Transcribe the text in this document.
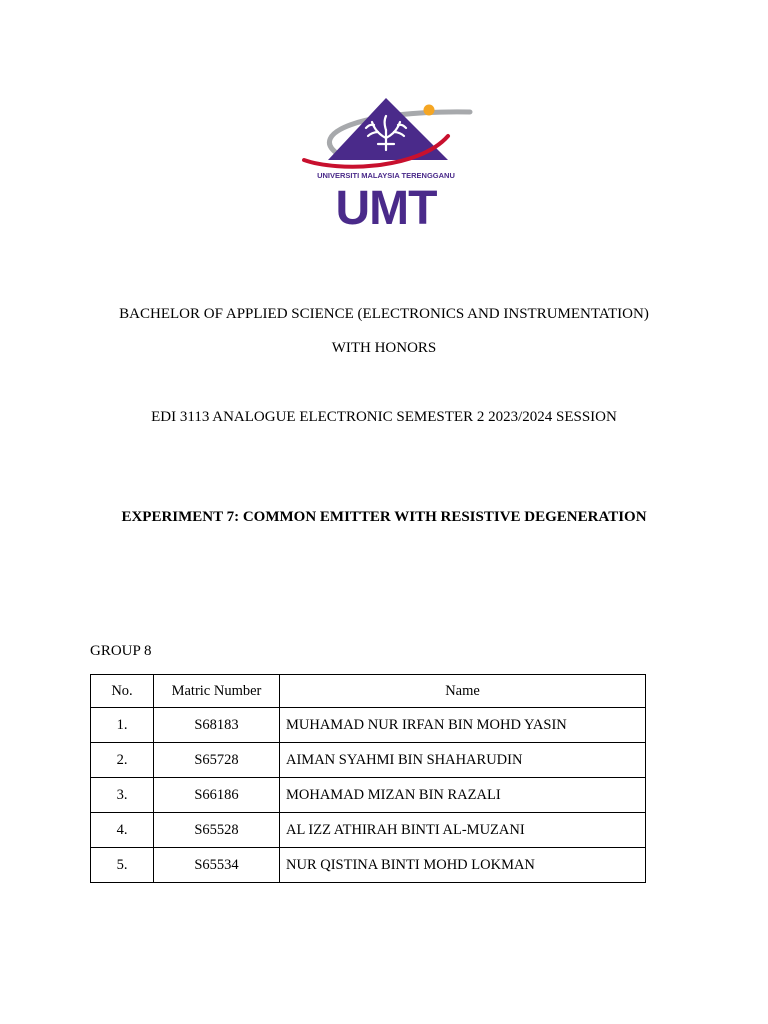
UNIVERSITI MALAYSIA TERENGGANU
UMT
BACHELOR OF APPLIED SCIENCE (ELECTRONICS AND INSTRUMENTATION)
WITH HONORS
EDI 3113 ANALOGUE ELECTRONIC SEMESTER 2 2023/2024 SESSION
EXPERIMENT 7: COMMON EMITTER WITH RESISTIVE DEGENERATION
GROUP 8
No.	Matric Number	Name
1.	S68183	MUHAMAD NUR IRFAN BIN MOHD YASIN
2.	S65728	AIMAN SYAHMI BIN SHAHARUDIN
3.	S66186	MOHAMAD MIZAN BIN RAZALI
4.	S65528	AL IZZ ATHIRAH BINTI AL-MUZANI
5.	S65534	NUR QISTINA BINTI MOHD LOKMAN
